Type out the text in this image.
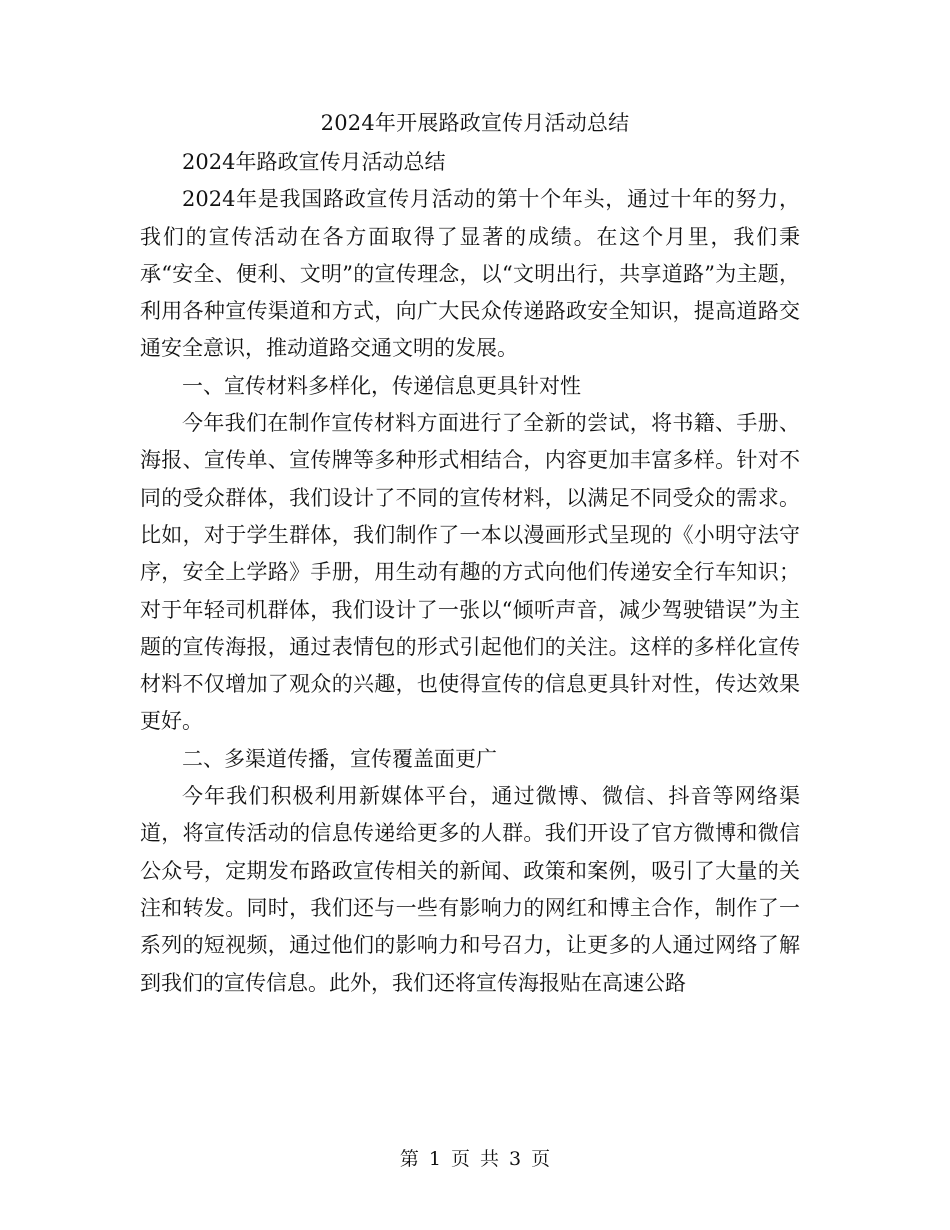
2024年开展路政宣传月活动总结

2024年路政宣传月活动总结

2024年是我国路政宣传月活动的第十个年头，通过十年的努力，我们的宣传活动在各方面取得了显著的成绩。在这个月里，我们秉承“安全、便利、文明”的宣传理念，以“文明出行，共享道路”为主题，利用各种宣传渠道和方式，向广大民众传递路政安全知识，提高道路交通安全意识，推动道路交通文明的发展。

一、宣传材料多样化，传递信息更具针对性

今年我们在制作宣传材料方面进行了全新的尝试，将书籍、手册、海报、宣传单、宣传牌等多种形式相结合，内容更加丰富多样。针对不同的受众群体，我们设计了不同的宣传材料，以满足不同受众的需求。比如，对于学生群体，我们制作了一本以漫画形式呈现的《小明守法守序，安全上学路》手册，用生动有趣的方式向他们传递安全行车知识；对于年轻司机群体，我们设计了一张以“倾听声音，减少驾驶错误”为主题的宣传海报，通过表情包的形式引起他们的关注。这样的多样化宣传材料不仅增加了观众的兴趣，也使得宣传的信息更具针对性，传达效果更好。

二、多渠道传播，宣传覆盖面更广

今年我们积极利用新媒体平台，通过微博、微信、抖音等网络渠道，将宣传活动的信息传递给更多的人群。我们开设了官方微博和微信公众号，定期发布路政宣传相关的新闻、政策和案例，吸引了大量的关注和转发。同时，我们还与一些有影响力的网红和博主合作，制作了一系列的短视频，通过他们的影响力和号召力，让更多的人通过网络了解到我们的宣传信息。此外，我们还将宣传海报贴在高速公路

第 1 页 共 3 页
